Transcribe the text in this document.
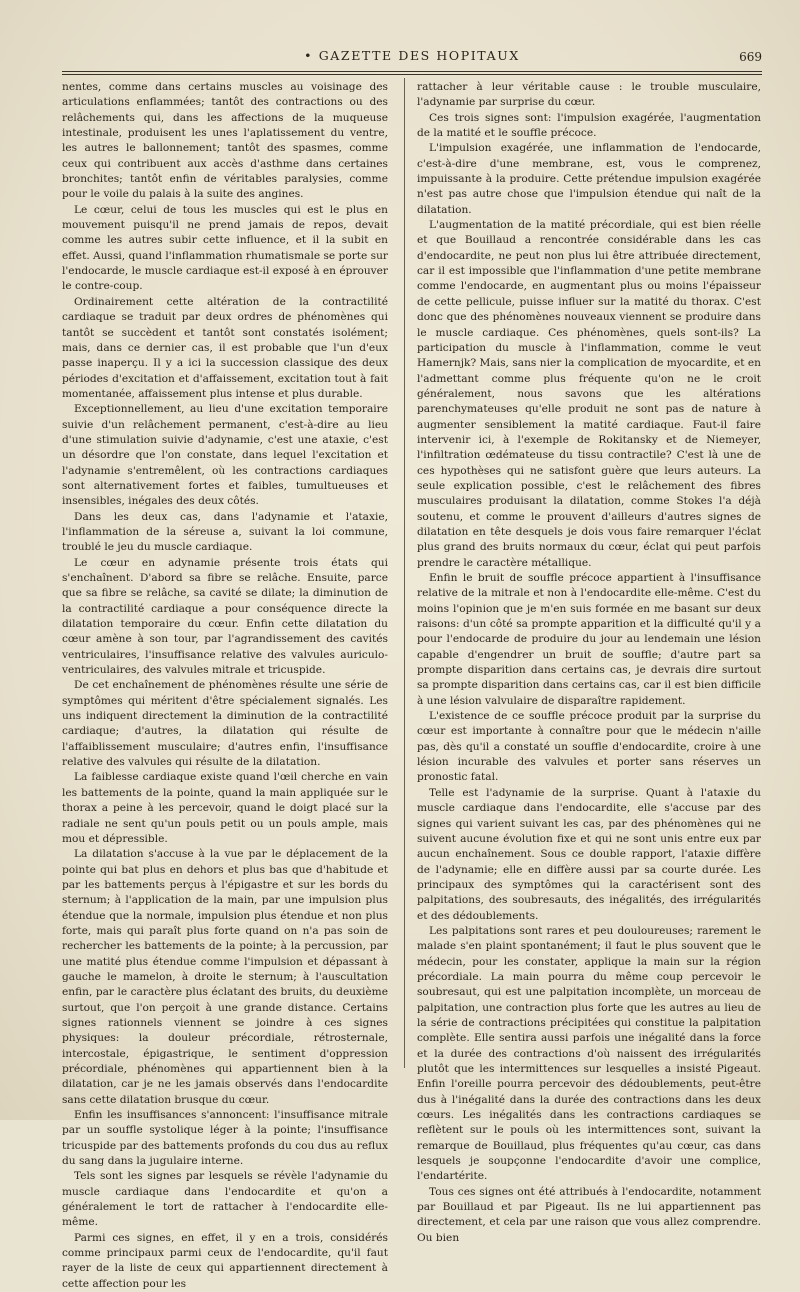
• GAZETTE DES HOPITAUX	669

nentes, comme dans certains muscles au voisinage des articulations enflammées; tantôt des contractions ou des relâchements qui, dans les affections de la muqueuse intestinale, produisent les unes l'aplatissement du ventre, les autres le ballonnement; tantôt des spasmes, comme ceux qui contribuent aux accès d'asthme dans certaines bronchites; tantôt enfin de véritables paralysies, comme pour le voile du palais à la suite des angines.

Le cœur, celui de tous les muscles qui est le plus en mouvement puisqu'il ne prend jamais de repos, devait comme les autres subir cette influence, et il la subit en effet. Aussi, quand l'inflammation rhumatismale se porte sur l'endocarde, le muscle cardiaque est-il exposé à en éprouver le contre-coup.

Ordinairement cette altération de la contractilité cardiaque se traduit par deux ordres de phénomènes qui tantôt se succèdent et tantôt sont constatés isolément; mais, dans ce dernier cas, il est probable que l'un d'eux passe inaperçu. Il y a ici la succession classique des deux périodes d'excitation et d'affaissement, excitation tout à fait momentanée, affaissement plus intense et plus durable.

Exceptionnellement, au lieu d'une excitation temporaire suivie d'un relâchement permanent, c'est-à-dire au lieu d'une stimulation suivie d'adynamie, c'est une ataxie, c'est un désordre que l'on constate, dans lequel l'excitation et l'adynamie s'entremêlent, où les contractions cardiaques sont alternativement fortes et faibles, tumultueuses et insensibles, inégales des deux côtés.

Dans les deux cas, dans l'adynamie et l'ataxie, l'inflammation de la séreuse a, suivant la loi commune, troublé le jeu du muscle cardiaque.

Le cœur en adynamie présente trois états qui s'enchaînent. D'abord sa fibre se relâche. Ensuite, parce que sa fibre se relâche, sa cavité se dilate; la diminution de la contractilité cardiaque a pour conséquence directe la dilatation temporaire du cœur. Enfin cette dilatation du cœur amène à son tour, par l'agrandissement des cavités ventriculaires, l'insuffisance relative des valvules auriculo-ventriculaires, des valvules mitrale et tricuspide.

De cet enchaînement de phénomènes résulte une série de symptômes qui méritent d'être spécialement signalés. Les uns indiquent directement la diminution de la contractilité cardiaque; d'autres, la dilatation qui résulte de l'affaiblissement musculaire; d'autres enfin, l'insuffisance relative des valvules qui résulte de la dilatation.

La faiblesse cardiaque existe quand l'œil cherche en vain les battements de la pointe, quand la main appliquée sur le thorax a peine à les percevoir, quand le doigt placé sur la radiale ne sent qu'un pouls petit ou un pouls ample, mais mou et dépressible.

La dilatation s'accuse à la vue par le déplacement de la pointe qui bat plus en dehors et plus bas que d'habitude et par les battements perçus à l'épigastre et sur les bords du sternum; à l'application de la main, par une impulsion plus étendue que la normale, impulsion plus étendue et non plus forte, mais qui paraît plus forte quand on n'a pas soin de rechercher les battements de la pointe; à la percussion, par une matité plus étendue comme l'impulsion et dépassant à gauche le mamelon, à droite le sternum; à l'auscultation enfin, par le caractère plus éclatant des bruits, du deuxième surtout, que l'on perçoit à une grande distance. Certains signes rationnels viennent se joindre à ces signes physiques: la douleur précordiale, rétrosternale, intercostale, épigastrique, le sentiment d'oppression précordiale, phénomènes qui appartiennent bien à la dilatation, car je ne les jamais observés dans l'endocardite sans cette dilatation brusque du cœur.

Enfin les insuffisances s'annoncent: l'insuffisance mitrale par un souffle systolique léger à la pointe; l'insuffisance tricuspide par des battements profonds du cou dus au reflux du sang dans la jugulaire interne.

Tels sont les signes par lesquels se révèle l'adynamie du muscle cardiaque dans l'endocardite et qu'on a généralement le tort de rattacher à l'endocardite elle-même.

Parmi ces signes, en effet, il y en a trois, considérés comme principaux parmi ceux de l'endocardite, qu'il faut rayer de la liste de ceux qui appartiennent directement à cette affection pour les

rattacher à leur véritable cause : le trouble musculaire, l'adynamie par surprise du cœur.

Ces trois signes sont: l'impulsion exagérée, l'augmentation de la matité et le souffle précoce.

L'impulsion exagérée, une inflammation de l'endocarde, c'est-à-dire d'une membrane, est, vous le comprenez, impuissante à la produire. Cette prétendue impulsion exagérée n'est pas autre chose que l'impulsion étendue qui naît de la dilatation.

L'augmentation de la matité précordiale, qui est bien réelle et que Bouillaud a rencontrée considérable dans les cas d'endocardite, ne peut non plus lui être attribuée directement, car il est impossible que l'inflammation d'une petite membrane comme l'endocarde, en augmentant plus ou moins l'épaisseur de cette pellicule, puisse influer sur la matité du thorax. C'est donc que des phénomènes nouveaux viennent se produire dans le muscle cardiaque. Ces phénomènes, quels sont-ils? La participation du muscle à l'inflammation, comme le veut Hamernjk? Mais, sans nier la complication de myocardite, et en l'admettant comme plus fréquente qu'on ne le croit généralement, nous savons que les altérations parenchymateuses qu'elle produit ne sont pas de nature à augmenter sensiblement la matité cardiaque. Faut-il faire intervenir ici, à l'exemple de Rokitansky et de Niemeyer, l'infiltration œdémateuse du tissu contractile? C'est là une de ces hypothèses qui ne satisfont guère que leurs auteurs. La seule explication possible, c'est le relâchement des fibres musculaires produisant la dilatation, comme Stokes l'a déjà soutenu, et comme le prouvent d'ailleurs d'autres signes de dilatation en tête desquels je dois vous faire remarquer l'éclat plus grand des bruits normaux du cœur, éclat qui peut parfois prendre le caractère métallique.

Enfin le bruit de souffle précoce appartient à l'insuffisance relative de la mitrale et non à l'endocardite elle-même. C'est du moins l'opinion que je m'en suis formée en me basant sur deux raisons: d'un côté sa prompte apparition et la difficulté qu'il y a pour l'endocarde de produire du jour au lendemain une lésion capable d'engendrer un bruit de souffle; d'autre part sa prompte disparition dans certains cas, je devrais dire surtout sa prompte disparition dans certains cas, car il est bien difficile à une lésion valvulaire de disparaître rapidement.

L'existence de ce souffle précoce produit par la surprise du cœur est importante à connaître pour que le médecin n'aille pas, dès qu'il a constaté un souffle d'endocardite, croire à une lésion incurable des valvules et porter sans réserves un pronostic fatal.

Telle est l'adynamie de la surprise. Quant à l'ataxie du muscle cardiaque dans l'endocardite, elle s'accuse par des signes qui varient suivant les cas, par des phénomènes qui ne suivent aucune évolution fixe et qui ne sont unis entre eux par aucun enchaînement. Sous ce double rapport, l'ataxie diffère de l'adynamie; elle en diffère aussi par sa courte durée. Les principaux des symptômes qui la caractérisent sont des palpitations, des soubresauts, des inégalités, des irrégularités et des dédoublements.

Les palpitations sont rares et peu douloureuses; rarement le malade s'en plaint spontanément; il faut le plus souvent que le médecin, pour les constater, applique la main sur la région précordiale. La main pourra du même coup percevoir le soubresaut, qui est une palpitation incomplète, un morceau de palpitation, une contraction plus forte que les autres au lieu de la série de contractions précipitées qui constitue la palpitation complète. Elle sentira aussi parfois une inégalité dans la force et la durée des contractions d'où naissent des irrégularités plutôt que les intermittences sur lesquelles a insisté Pigeaut. Enfin l'oreille pourra percevoir des dédoublements, peut-être dus à l'inégalité dans la durée des contractions dans les deux cœurs. Les inégalités dans les contractions cardiaques se reflètent sur le pouls où les intermittences sont, suivant la remarque de Bouillaud, plus fréquentes qu'au cœur, cas dans lesquels je soupçonne l'endocardite d'avoir une complice, l'endartérite.

Tous ces signes ont été attribués à l'endocardite, notamment par Bouillaud et par Pigeaut. Ils ne lui appartiennent pas directement, et cela par une raison que vous allez comprendre. Ou bien
